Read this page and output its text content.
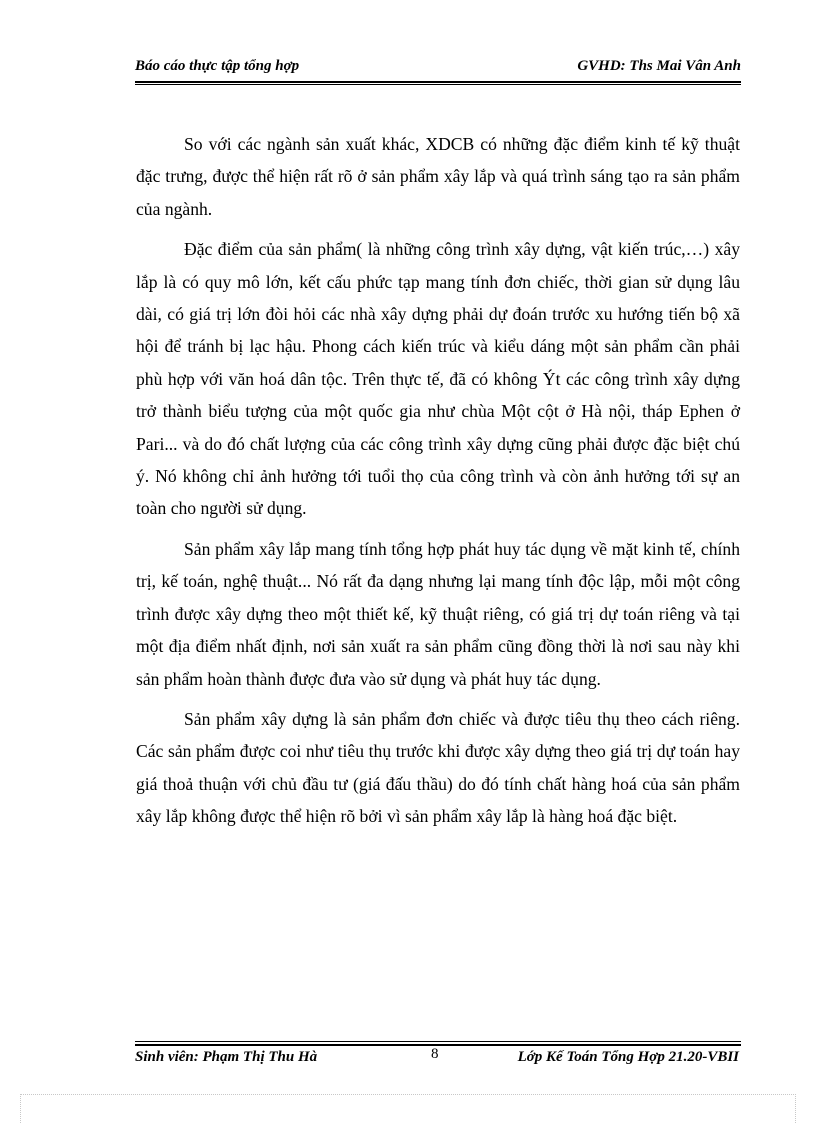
Báo cáo thực tập tổng hợp	GVHD: Ths Mai Vân Anh

So với các ngành sản xuất khác, XDCB có những đặc điểm kinh tế kỹ thuật đặc trưng, được thể hiện rất rõ ở sản phẩm xây lắp và quá trình sáng tạo ra sản phẩm của ngành.

Đặc điểm của sản phẩm( là những công trình xây dựng, vật kiến trúc,…) xây lắp là có quy mô lớn, kết cấu phức tạp mang tính đơn chiếc, thời gian sử dụng lâu dài, có giá trị lớn đòi hỏi các nhà xây dựng phải dự đoán trước xu hướng tiến bộ xã hội để tránh bị lạc hậu. Phong cách kiến trúc và kiểu dáng một sản phẩm cần phải phù hợp với văn hoá dân tộc. Trên thực tế, đã có không Ýt các công trình xây dựng trở thành biểu tượng của một quốc gia như chùa Một cột ở Hà nội, tháp Ephen ở Pari... và do đó chất lượng của các công trình xây dựng cũng phải được đặc biệt chú ý. Nó không chỉ ảnh hưởng tới tuổi thọ của công trình và còn ảnh hưởng tới sự an toàn cho người sử dụng.

Sản phẩm xây lắp mang tính tổng hợp phát huy tác dụng về mặt kinh tế, chính trị, kế toán, nghệ thuật... Nó rất đa dạng nhưng lại mang tính độc lập, mỗi một công trình được xây dựng theo một thiết kế, kỹ thuật riêng, có giá trị dự toán riêng và tại một địa điểm nhất định, nơi sản xuất ra sản phẩm cũng đồng thời là nơi sau này khi sản phẩm hoàn thành được đưa vào sử dụng và phát huy tác dụng.

Sản phẩm xây dựng là sản phẩm đơn chiếc và được tiêu thụ theo cách riêng. Các sản phẩm được coi như tiêu thụ trước khi được xây dựng theo giá trị dự toán hay giá thoả thuận với chủ đầu tư (giá đấu thầu) do đó tính chất hàng hoá của sản phẩm xây lắp không được thể hiện rõ bởi vì sản phẩm xây lắp là hàng hoá đặc biệt.

Sinh viên: Phạm Thị Thu Hà	8	Lớp Kế Toán Tổng Hợp 21.20-VBII
